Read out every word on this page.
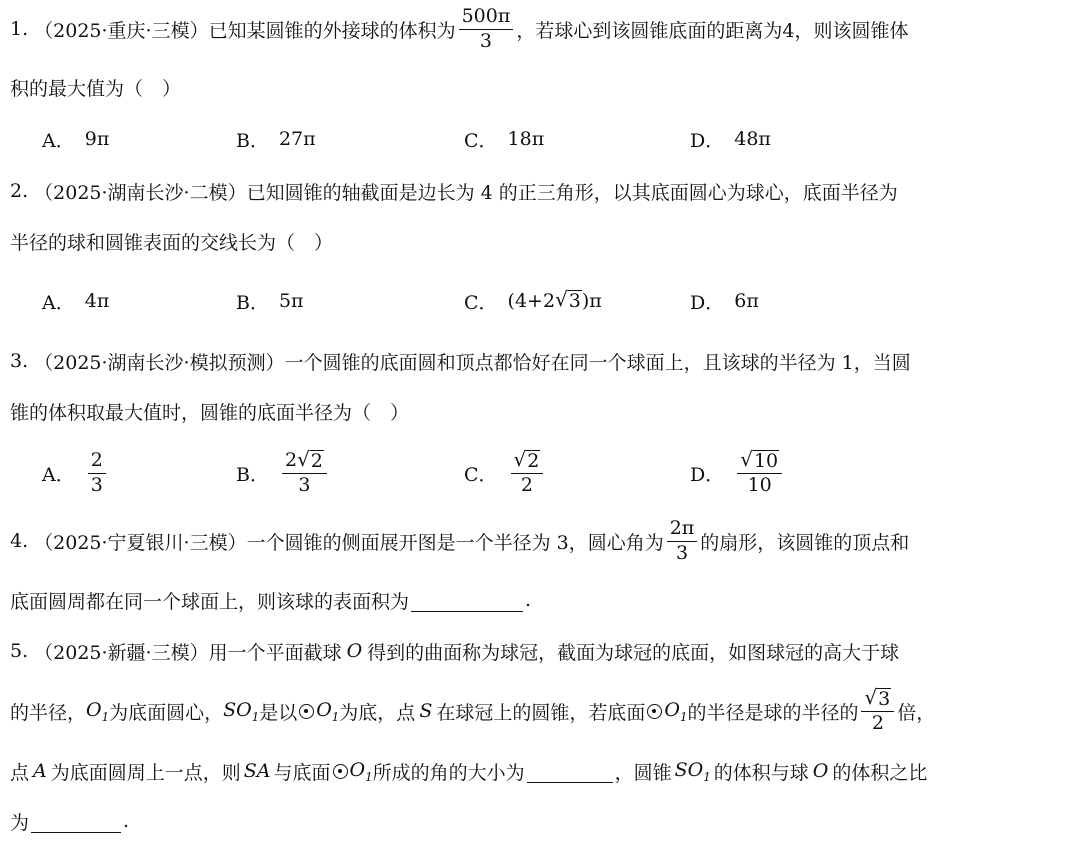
1. （2025·重庆·三模） 已知某圆锥的外接球的体积为 $\frac{500\pi}{3}$ ，若球心到该圆锥底面的距离为4，则该圆锥体
积的最大值为（　）
A． 9π	B． 27π	C． 18π	D． 48π
2. （2025·湖南长沙·二模） 已知圆锥的轴截面是边长为 4 的正三角形，以其底面圆心为球心，底面半径为
半径的球和圆锥表面的交线长为（　）
A． 4π	B． 5π	C． (4+2 √ 3 )π	D． 6π
3. （2025·湖南长沙·模拟预测） 一个圆锥的底面圆和顶点都恰好在同一个球面上，且该球的半径为 1，当圆
锥的体积取最大值时，圆锥的底面半径为（　）
A． $\frac{2}{3}$	B． $\frac{2 √ 2}{3}$	C． $\frac{√ 2}{2}$	D． $\frac{√ 10}{10}$
4. （2025·宁夏银川·三模） 一个圆锥的侧面展开图是一个半径为 3，圆心角为 $\frac{2\pi}{3}$ 的扇形，该圆锥的顶点和
底面圆周都在同一个球面上，则该球的表面积为	.
5. （2025·新疆·三模） 用一个平面截球 O 得到的曲面称为球冠，截面为球冠的底面，如图球冠的高大于球
的半径， $O_1$ 为底面圆心， $SO_1$ 是以 $O_1$ 为底，点 S 在球冠上的圆锥，若底面 $O_1$ 的半径是球的半径的 $\frac{√ 3}{2}$ 倍，
点 A 为底面圆周上一点，则 SA 与底面 $O_1$ 所成的角的大小为	，圆锥 $SO_1$ 的体积与球 O 的体积之比
为	.
